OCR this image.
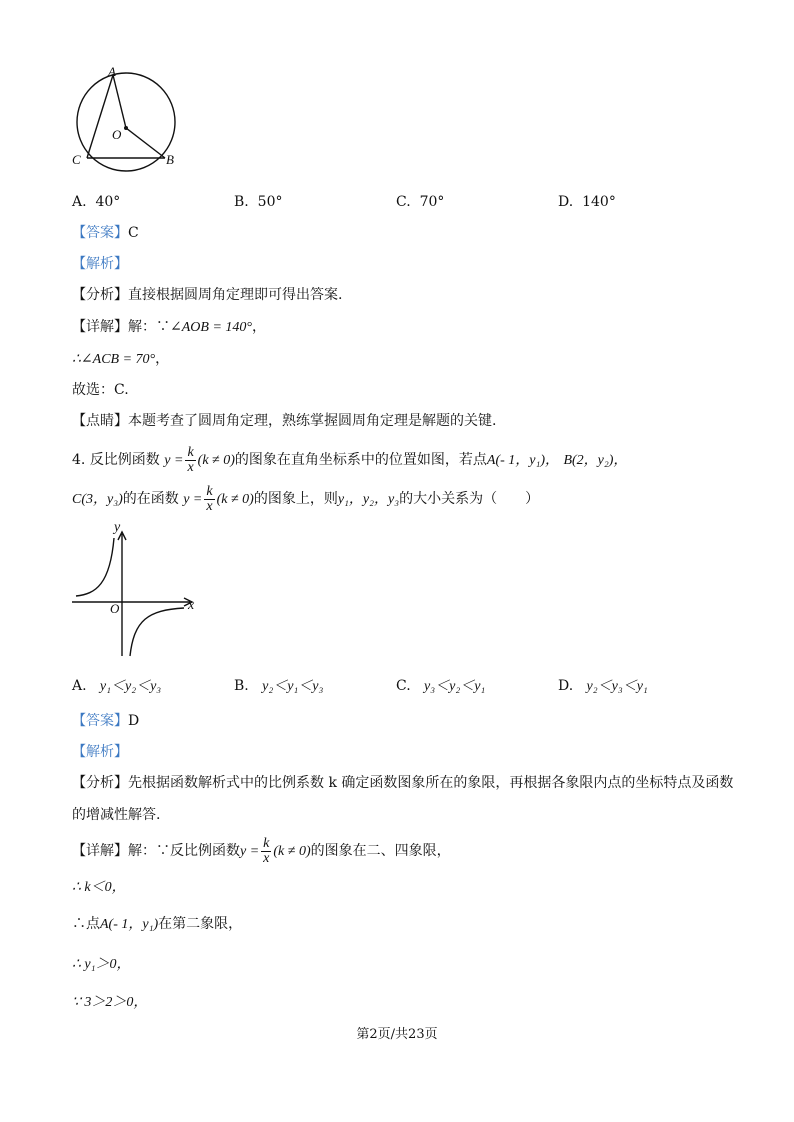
A
O
C	B
A. 40°	B. 50°	C. 70°	D. 140°
【答案】C
【解析】
【分析】直接根据圆周角定理即可得出答案.
【详解】解：∵∠AOB = 140°，
∴∠ACB = 70°，
故选：C.
【点睛】本题考查了圆周角定理，熟练掌握圆周角定理是解题的关键.
4. 反比例函数 $y = \frac{k}{x} (k \ne 0)$的图象在直角坐标系中的位置如图，若点A(- 1，y₁)， B(2，y₂)，
C(3，y₃)的在函数 $y = \frac{k}{x} (k \ne 0)$的图象上，则y₁，y₂，y₃的大小关系为（　　）
y
x
O
A. y₁＜y₂＜y₃	B. y₂＜y₁＜y₃	C. y₃＜y₂＜y₁	D. y₂＜y₃＜y₁
【答案】D
【解析】
【分析】先根据函数解析式中的比例系数 k 确定函数图象所在的象限，再根据各象限内点的坐标特点及函数
的增减性解答.
【详解】解：∵反比例函数$y = \frac{k}{x} (k \ne 0)$的图象在二、四象限，
∴ k＜0，
∴点A(- 1，y₁)在第二象限，
∴ y₁＞0，
∵ 3＞2＞0，
第2页/共23页
